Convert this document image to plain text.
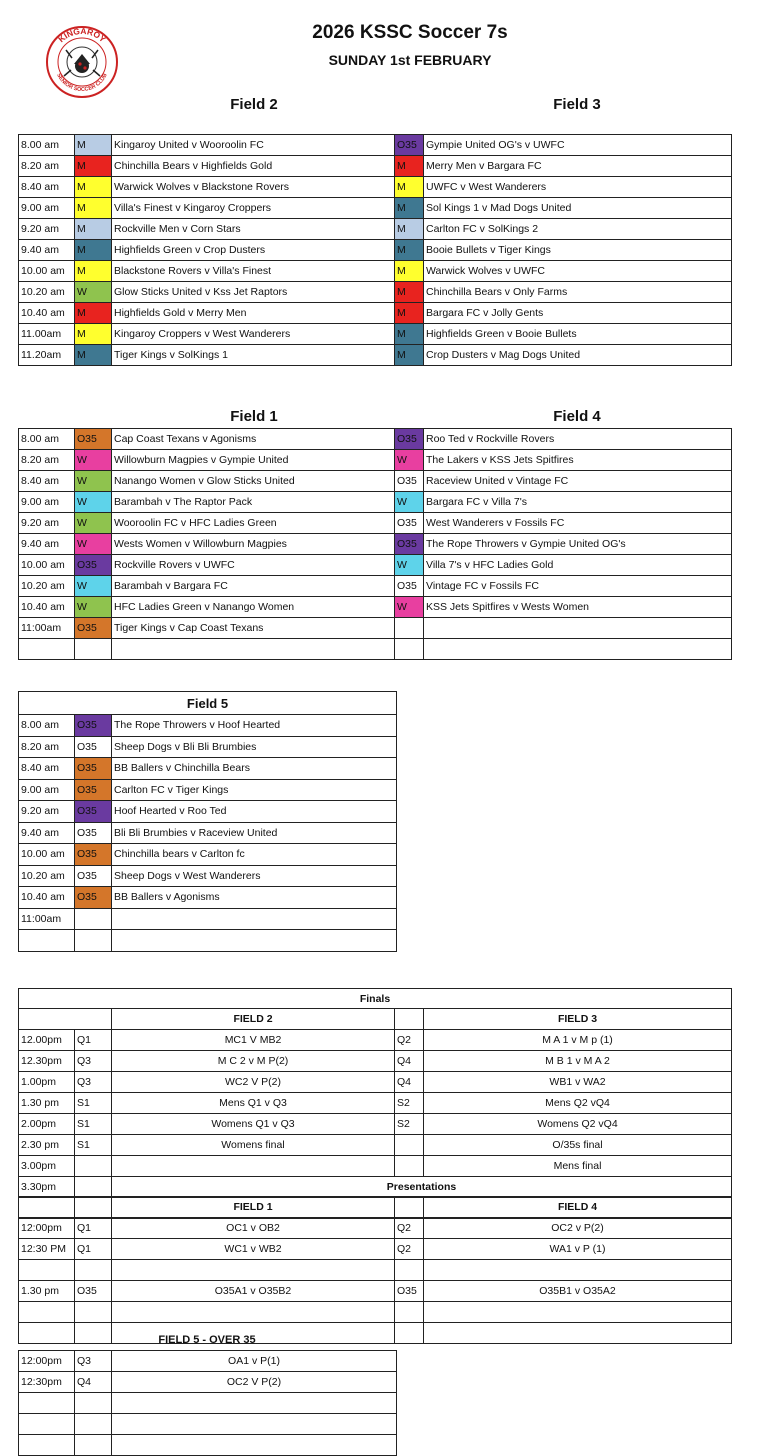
KINGAROY
SENIOR SOCCER CLUB
2026 KSSC Soccer 7s
SUNDAY 1st FEBRUARY
Field 2	Field 3
8.00 am	M	Kingaroy United v Wooroolin FC	O35	Gympie United OG's v UWFC
8.20 am	M	Chinchilla Bears v Highfields Gold	M	Merry Men v Bargara FC
8.40 am	M	Warwick Wolves v Blackstone Rovers	M	UWFC v West Wanderers
9.00 am	M	Villa's Finest v Kingaroy Croppers	M	Sol Kings 1 v Mad Dogs United
9.20 am	M	Rockville Men v Corn Stars	M	Carlton FC v SolKings 2
9.40 am	M	Highfields Green v Crop Dusters	M	Booie Bullets v Tiger Kings
10.00 am	M	Blackstone Rovers v Villa's Finest	M	Warwick Wolves v UWFC
10.20 am	W	Glow Sticks United v Kss Jet Raptors	M	Chinchilla Bears v Only Farms
10.40 am	M	Highfields Gold v Merry Men	M	Bargara FC v Jolly Gents
11.00am	M	Kingaroy Croppers v West Wanderers	M	Highfields Green v Booie Bullets
11.20am	M	Tiger Kings v SolKings 1	M	Crop Dusters v Mag Dogs United
Field 1	Field 4
8.00 am	O35	Cap Coast Texans v Agonisms	O35	Roo Ted v Rockville Rovers
8.20 am	W	Willowburn Magpies v Gympie United	W	The Lakers v KSS Jets Spitfires
8.40 am	W	Nanango Women v Glow Sticks United	O35	Raceview United v Vintage FC
9.00 am	W	Barambah v The Raptor Pack	W	Bargara FC v Villa 7's
9.20 am	W	Wooroolin FC v HFC Ladies Green	O35	West Wanderers v Fossils FC
9.40 am	W	Wests Women v Willowburn Magpies	O35	The Rope Throwers v Gympie United OG's
10.00 am	O35	Rockville Rovers v UWFC	W	Villa 7's v HFC Ladies Gold
10.20 am	W	Barambah v Bargara FC	O35	Vintage FC v Fossils FC
10.40 am	W	HFC Ladies Green v Nanango Women	W	KSS Jets Spitfires v Wests Women
11:00am	O35	Tiger Kings v Cap Coast Texans		

Field 5		
8.00 am	O35	The Rope Throwers v Hoof Hearted
8.20 am	O35	Sheep Dogs v Bli Bli Brumbies
8.40 am	O35	BB Ballers v Chinchilla Bears
9.00 am	O35	Carlton FC v Tiger Kings
9.20 am	O35	Hoof Hearted v Roo Ted
9.40 am	O35	Bli Bli Brumbies v Raceview United
10.00 am	O35	Chinchilla bears v Carlton fc
10.20 am	O35	Sheep Dogs v West Wanderers
10.40 am	O35	BB Ballers v Agonisms
11:00am		

Finals				
		FIELD 2		FIELD 3
12.00pm	Q1	MC1 V MB2	Q2	M A 1 v M p (1)
12.30pm	Q3	M C 2 v M P(2)	Q4	M B 1 v M A 2
1.00pm	Q3	WC2 V P(2)	Q4	WB1 v WA2
1.30 pm	S1	Mens Q1 v Q3	S2	Mens Q2 vQ4
2.00pm	S1	Womens Q1 v Q3	S2	Womens Q2 vQ4
2.30 pm	S1	Womens final		O/35s final
3.00pm				Mens final
3.30pm		Presentations		

		FIELD 1		FIELD 4
12:00pm	Q1	OC1 v OB2	Q2	OC2 v P(2)
12:30 PM	Q1	WC1 v WB2	Q2	WA1 v P (1)

1.30 pm	O35	O35A1 v O35B2	O35	O35B1 v O35A2

FIELD 5 - OVER 35
12:00pm	Q3	OA1 v P(1)
12:30pm	Q4	OC2 V P(2)
